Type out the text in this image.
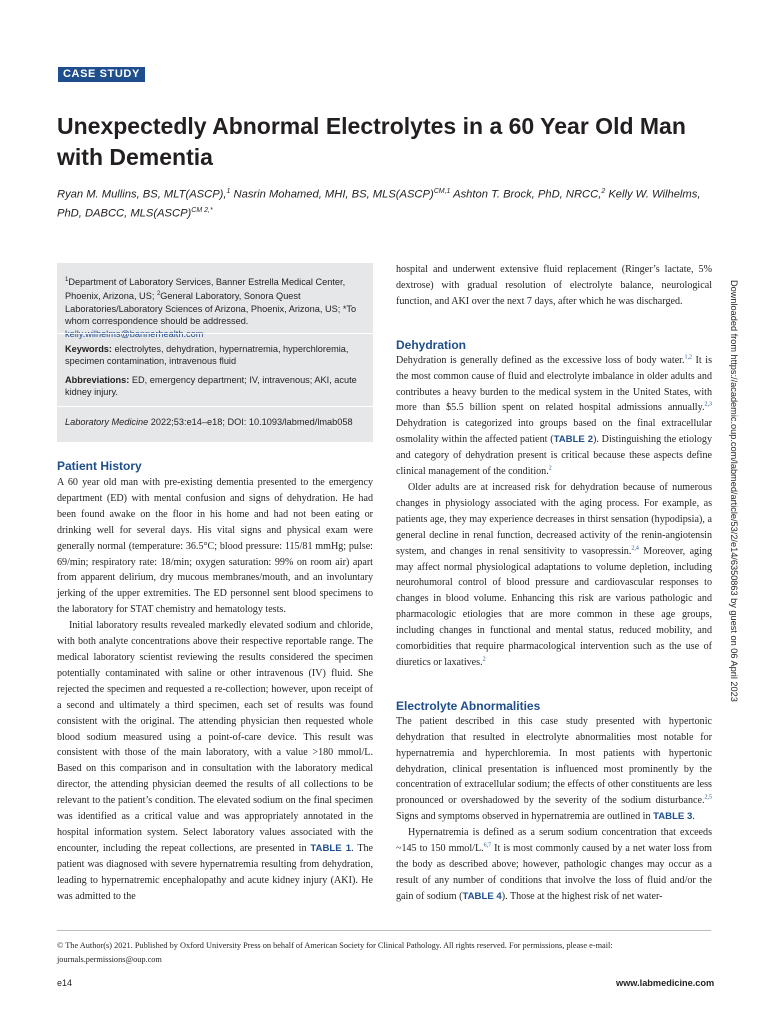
CASE STUDY
Unexpectedly Abnormal Electrolytes in a 60 Year Old Man with Dementia

Ryan M. Mullins, BS, MLT(ASCP),$^1$ Nasrin Mohamed, MHI, BS, MLS(ASCP)$^{CM,1}$ Ashton T. Brock, PhD, NRCC,$^2$ Kelly W. Wilhelms, PhD, DABCC, MLS(ASCP)$^{CM}$ $^{2,*}$

$^1$Department of Laboratory Services, Banner Estrella Medical Center, Phoenix, Arizona, US; $^2$General Laboratory, Sonora Quest Laboratories/Laboratory Sciences of Arizona, Phoenix, Arizona, US; *To whom correspondence should be addressed.

Keywords: electrolytes, dehydration, hypernatremia, hyperchloremia, specimen contamination, intravenous fluid

Abbreviations: ED, emergency department; IV, intravenous; AKI, acute kidney injury.

Laboratory Medicine 2022;53:e14–e18; DOI: 10.1093/labmed/lmab058

Patient History

A 60 year old man with pre-existing dementia presented to the emergency department (ED) with mental confusion and signs of dehydration. He had been found awake on the floor in his home and had not been eating or drinking well for several days. His vital signs and physical exam were generally normal (temperature: 36.5°C; blood pressure: 115/81 mmHg; pulse: 69/min; respiratory rate: 18/min; oxygen saturation: 99% on room air) apart from apparent delirium, dry mucous membranes/mouth, and an involuntary jerking of the upper extremities. The ED personnel sent blood specimens to the laboratory for STAT chemistry and hematology tests.

Initial laboratory results revealed markedly elevated sodium and chloride, with both analyte concentrations above their respective reportable range. The medical laboratory scientist reviewing the results considered the specimen potentially contaminated with saline or other intravenous (IV) fluid. She rejected the specimen and requested a re-collection; however, upon receipt of a second and ultimately a third specimen, each set of results was found consistent with the original. The attending physician then requested whole blood sodium measured using a point-of-care device. This result was consistent with those of the main laboratory, with a value >180 mmol/L. Based on this comparison and in consultation with the laboratory medical director, the attending physician deemed the results of all collections to be relevant to the patient’s condition. The elevated sodium on the final specimen was identified as a critical value and was appropriately annotated in the hospital information system. Select laboratory values associated with the encounter, including the repeat collections, are presented in TABLE 1. The patient was diagnosed with severe hypernatremia resulting from dehydration, leading to hypernatremic encephalopathy and acute kidney injury (AKI). He was admitted to the

hospital and underwent extensive fluid replacement (Ringer’s lactate, 5% dextrose) with gradual resolution of electrolyte balance, neurological function, and AKI over the next 7 days, after which he was discharged.

Dehydration

Dehydration is generally defined as the excessive loss of body water.$^{1,2}$ It is the most common cause of fluid and electrolyte imbalance in older adults and contributes a heavy burden to the medical system in the United States, with more than $5.5 billion spent on related hospital admissions annually.$^{2,3}$ Dehydration is categorized into groups based on the final extracellular osmolality within the affected patient (TABLE 2). Distinguishing the etiology and category of dehydration present is critical because these aspects define clinical management of the condition.$^2$

Older adults are at increased risk for dehydration because of numerous changes in physiology associated with the aging process. For example, as patients age, they may experience decreases in thirst sensation (hypodipsia), a general decline in renal function, decreased activity of the renin-angiotensin system, and changes in renal sensitivity to vasopressin.$^{2,4}$ Moreover, aging may affect normal physiological adaptations to volume depletion, including neurohumoral control of blood pressure and cardiovascular responses to changes in blood volume. Enhancing this risk are various pathologic and pharmacologic etiologies that are more common in these age groups, including changes in functional and mental status, reduced mobility, and comorbidities that require pharmacological intervention such as the use of diuretics or laxatives.$^2$

Electrolyte Abnormalities

The patient described in this case study presented with hypertonic dehydration that resulted in electrolyte abnormalities most notable for hypernatremia and hyperchloremia. In most patients with hypertonic dehydration, clinical presentation is influenced most prominently by the concentration of extracellular sodium; the effects of other constituents are less pronounced or overshadowed by the severity of the sodium disturbance.$^{2,5}$ Signs and symptoms observed in hypernatremia are outlined in TABLE 3.

Hypernatremia is defined as a serum sodium concentration that exceeds ~145 to 150 mmol/L.$^{6,7}$ It is most commonly caused by a net water loss from the body as described above; however, pathologic changes may occur as a result of any number of conditions that involve the loss of fluid and/or the gain of sodium (TABLE 4). Those at the highest risk of net water-

Downloaded from https://academic.oup.com/labmed/article/53/2/e14/6350863 by guest on 06 April 2023

© The Author(s) 2021. Published by Oxford University Press on behalf of American Society for Clinical Pathology. All rights reserved. For permissions, please e-mail: journals.permissions@oup.com

e14	www.labmedicine.com
